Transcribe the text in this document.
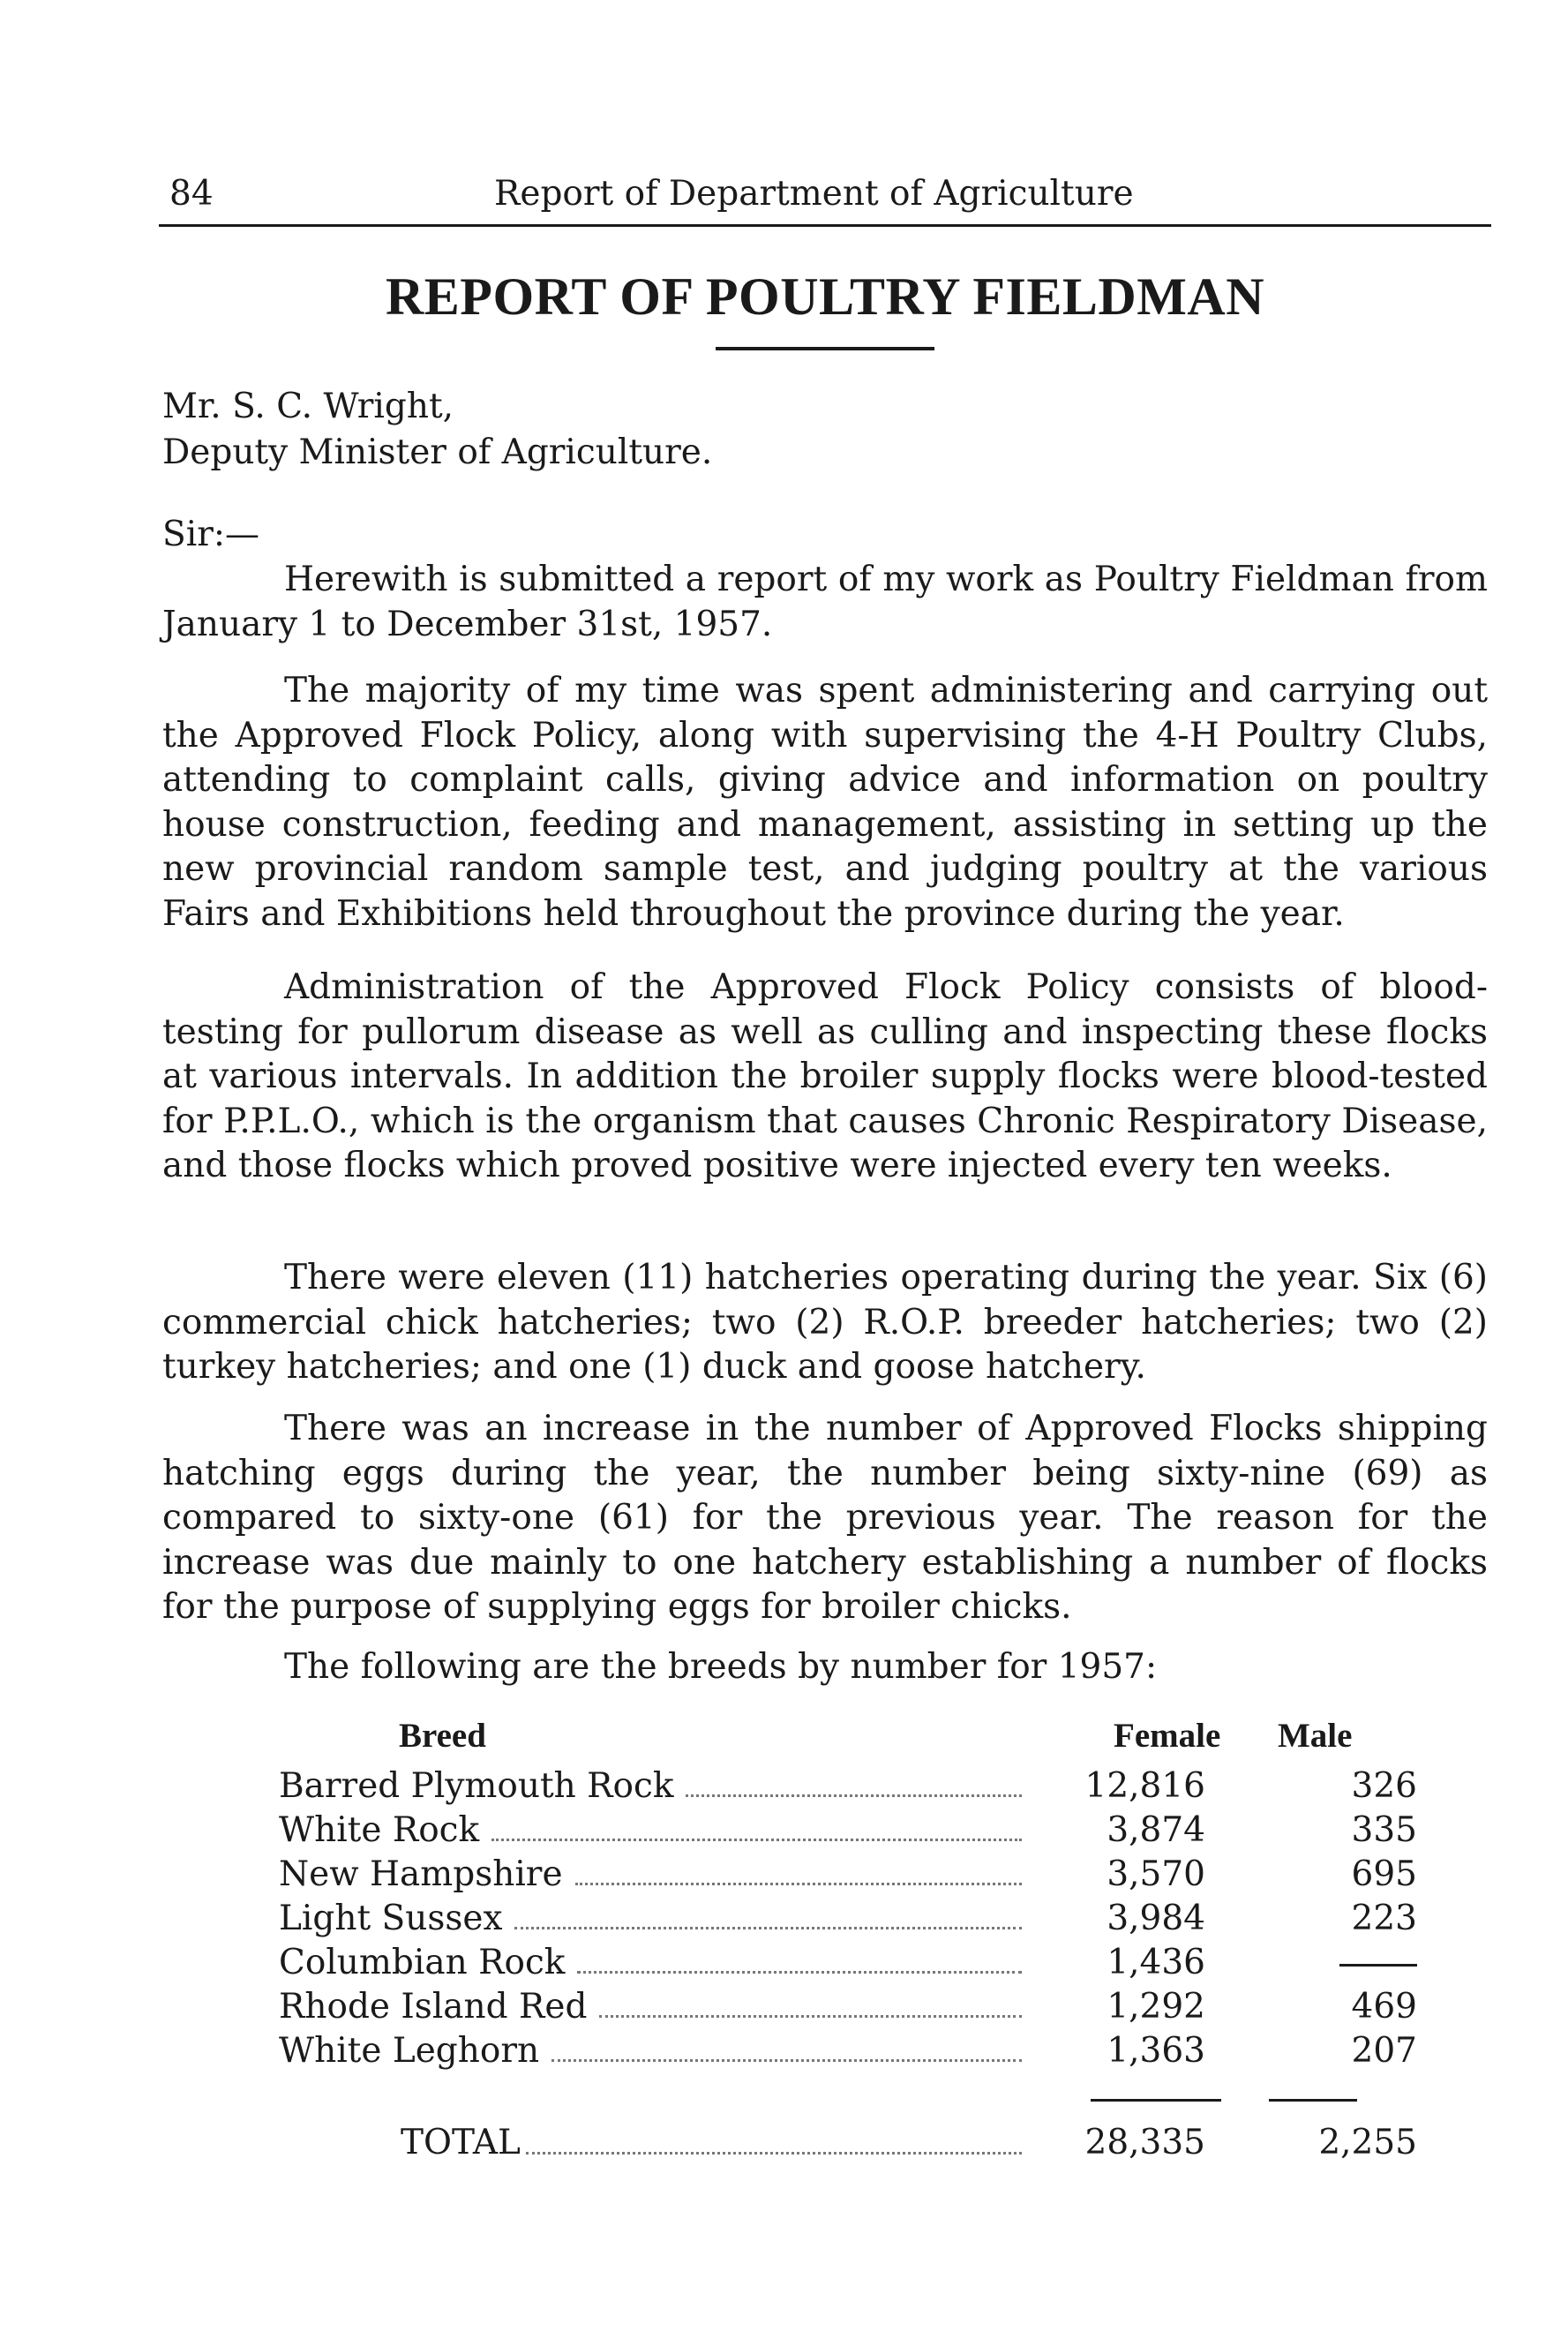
84	Report of Department of Agriculture
REPORT OF POULTRY FIELDMAN
Mr. S. C. Wright,
Deputy Minister of Agriculture.
Sir:—

Herewith is submitted a report of my work as Poultry Fieldman from January 1 to December 31st, 1957.

The majority of my time was spent administering and carrying out the Approved Flock Policy, along with supervising the 4-H Poultry Clubs, attending to complaint calls, giving advice and information on poultry house construction, feeding and management, assisting in setting up the new provincial random sample test, and judging poultry at the various Fairs and Exhibitions held throughout the province during the year.

Administration of the Approved Flock Policy consists of blood-testing for pullorum disease as well as culling and inspecting these flocks at various intervals. In addition the broiler supply flocks were blood-tested for P.P.L.O., which is the organism that causes Chronic Respiratory Disease, and those flocks which proved positive were injected every ten weeks.

There were eleven (11) hatcheries operating during the year. Six (6) commercial chick hatcheries; two (2) R.O.P. breeder hatcheries; two (2) turkey hatcheries; and one (1) duck and goose hatchery.

There was an increase in the number of Approved Flocks shipping hatching eggs during the year, the number being sixty-nine (69) as compared to sixty-one (61) for the previous year. The reason for the increase was due mainly to one hatchery establishing a number of flocks for the purpose of supplying eggs for broiler chicks.

The following are the breeds by number for 1957:
Breed	Female Male
Barred Plymouth Rock	12,816	326
White Rock	3,874	335
New Hampshire	3,570	695
Light Sussex	3,984	223
Columbian Rock	1,436
Rhode Island Red	1,292	469
White Leghorn	1,363	207
TOTAL	28,335	2,255
